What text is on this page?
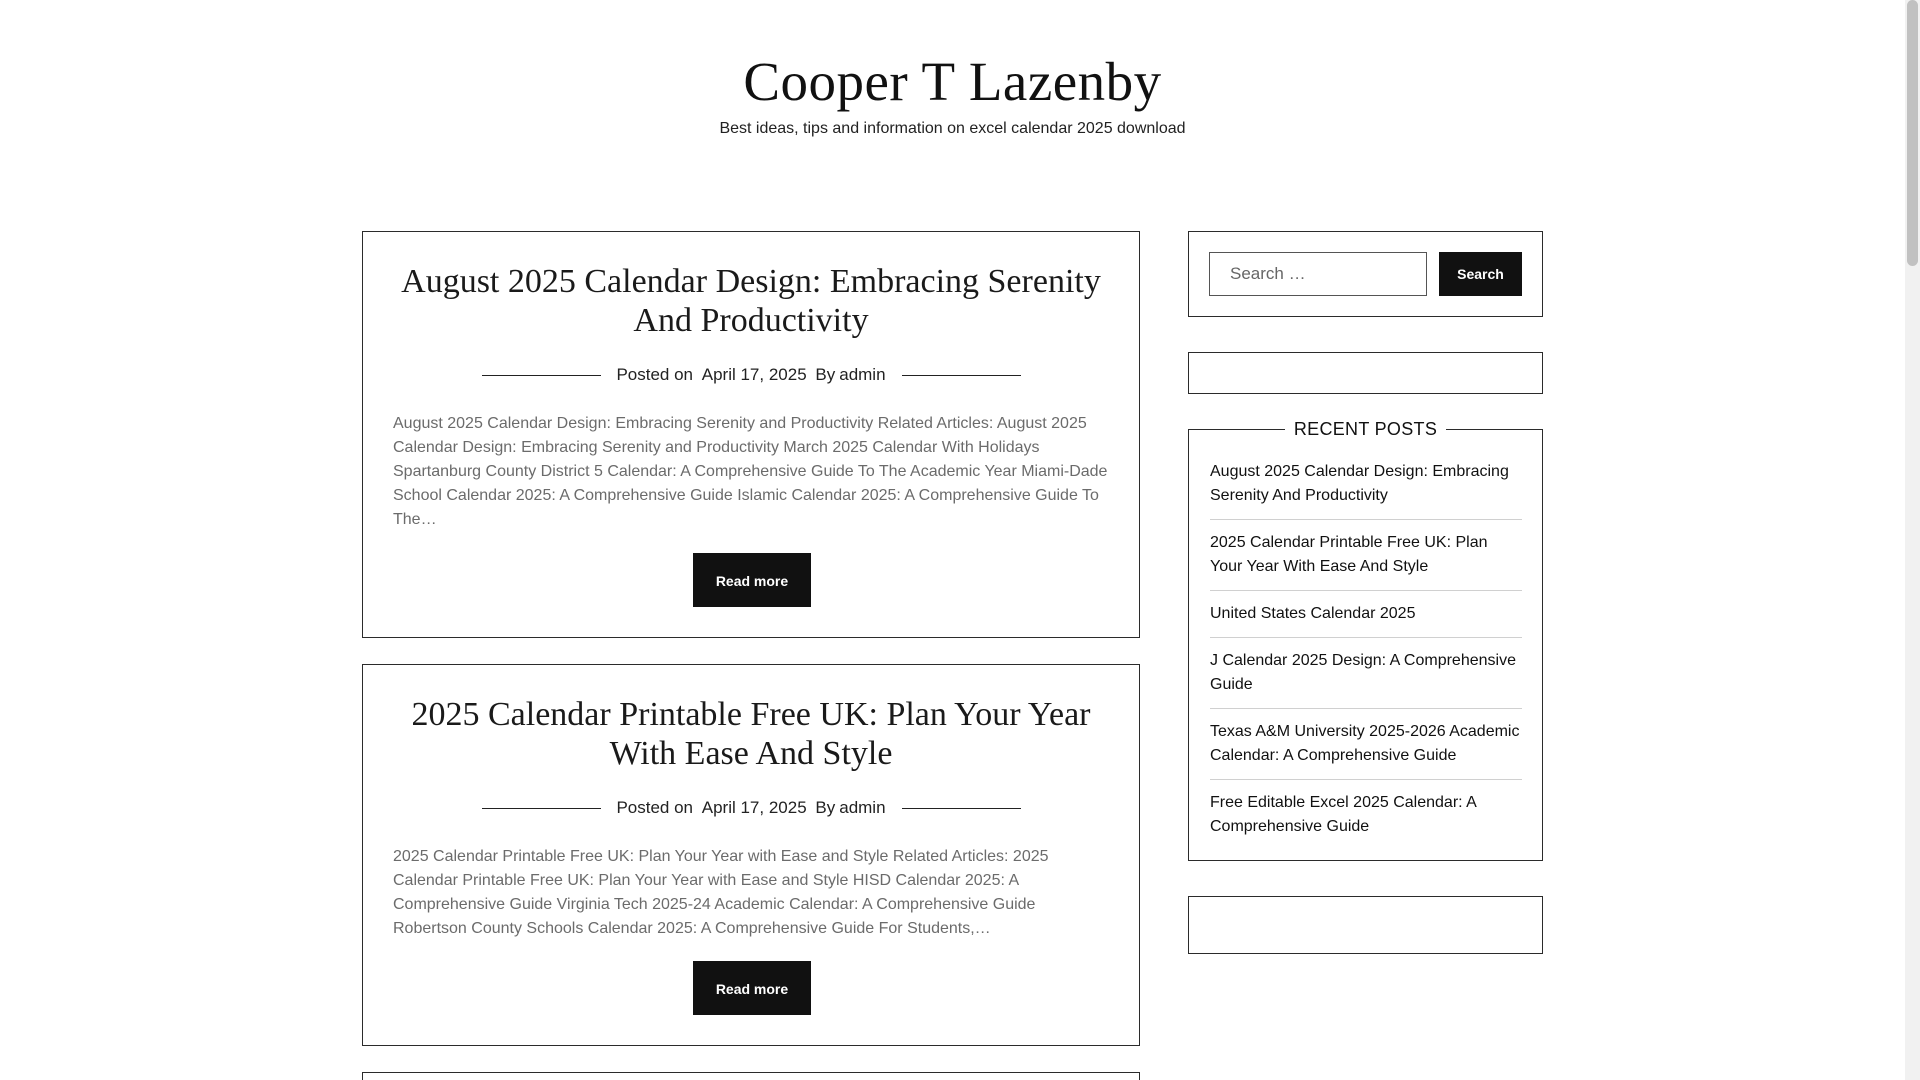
Cooper T Lazenby
Best ideas, tips and information on excel calendar 2025 download
August 2025 Calendar Design: Embracing Serenity And Productivity
Posted on April 17, 2025 By admin

August 2025 Calendar Design: Embracing Serenity and Productivity Related Articles: August 2025 Calendar Design: Embracing Serenity and Productivity March 2025 Calendar With Holidays Spartanburg County District 5 Calendar: A Comprehensive Guide To The Academic Year Miami-Dade School Calendar 2025: A Comprehensive Guide Islamic Calendar 2025: A Comprehensive Guide To The…

Read more
2025 Calendar Printable Free UK: Plan Your Year With Ease And Style
Posted on April 17, 2025 By admin

2025 Calendar Printable Free UK: Plan Your Year with Ease and Style Related Articles: 2025 Calendar Printable Free UK: Plan Your Year with Ease and Style HISD Calendar 2025: A Comprehensive Guide Virginia Tech 2025-24 Academic Calendar: A Comprehensive Guide Robertson County Schools Calendar 2025: A Comprehensive Guide For Students,…

Read more
Search …
Search
RECENT POSTS
August 2025 Calendar Design: Embracing Serenity And Productivity
2025 Calendar Printable Free UK: Plan Your Year With Ease And Style
United States Calendar 2025
J Calendar 2025 Design: A Comprehensive Guide
Texas A&M University 2025-2026 Academic Calendar: A Comprehensive Guide
Free Editable Excel 2025 Calendar: A Comprehensive Guide
